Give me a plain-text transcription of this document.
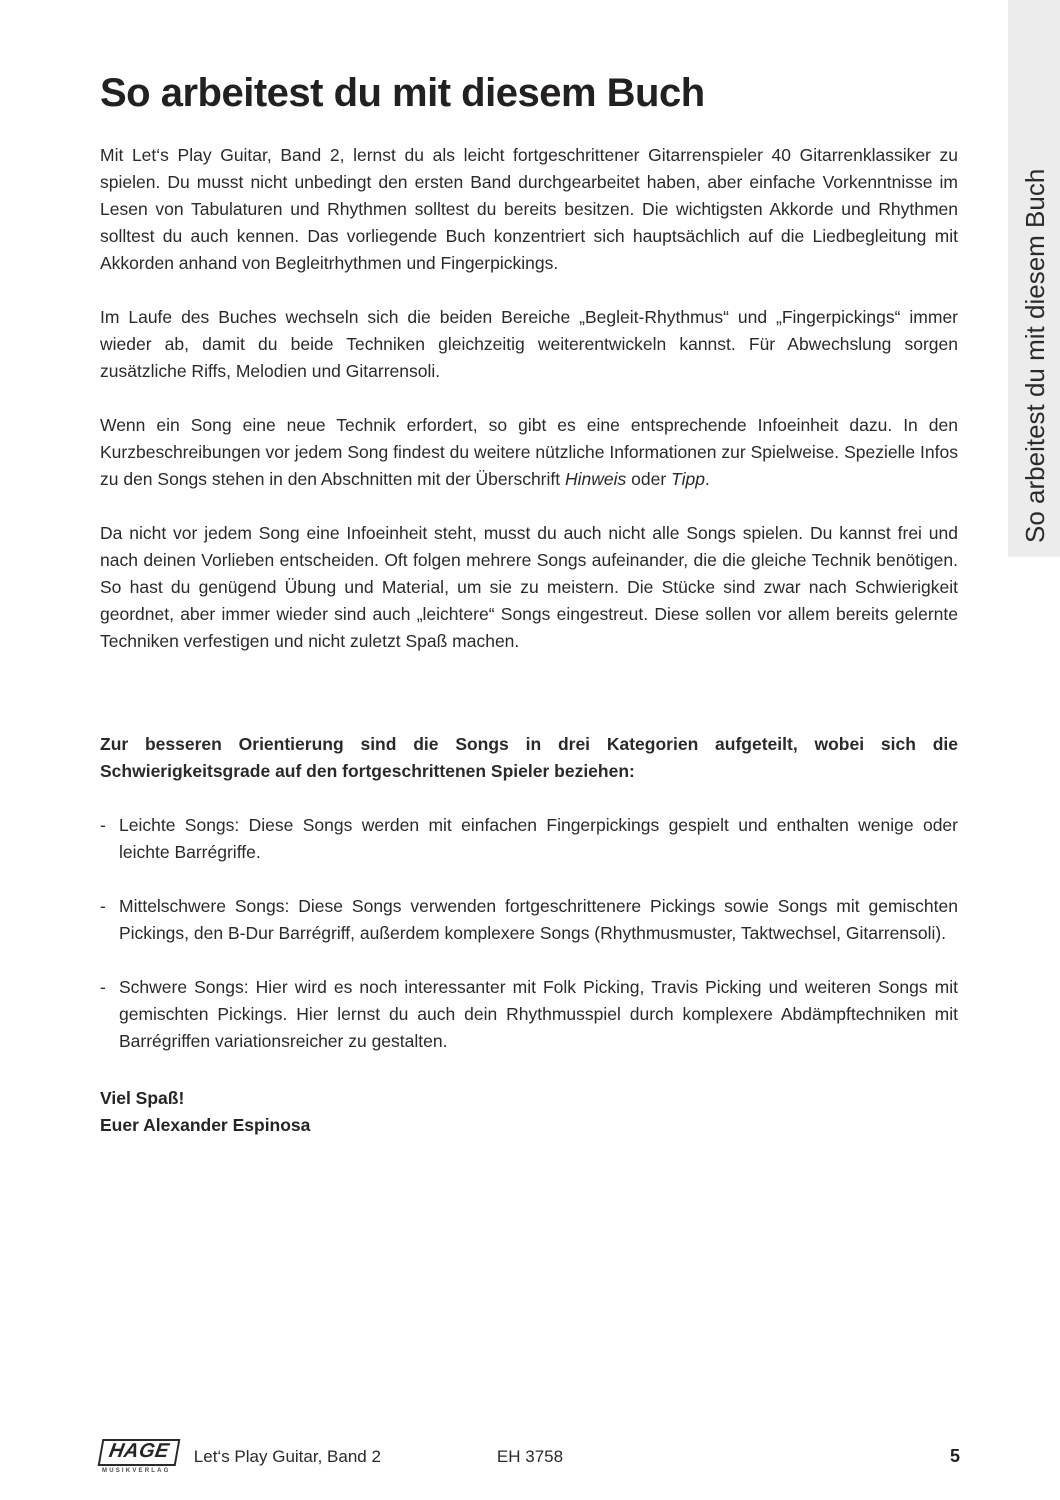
So arbeitest du mit diesem Buch
So arbeitest du mit diesem Buch

Mit Let‘s Play Guitar, Band 2, lernst du als leicht fortgeschrittener Gitarrenspieler 40 Gitarrenklassiker zu spielen. Du musst nicht unbedingt den ersten Band durchgearbeitet haben, aber einfache Vorkenntnisse im Lesen von Tabulaturen und Rhythmen solltest du bereits besitzen. Die wichtigsten Akkorde und Rhythmen solltest du auch kennen. Das vorliegende Buch konzentriert sich hauptsächlich auf die Liedbegleitung mit Akkorden anhand von Begleitrhythmen und Fingerpickings.

Im Laufe des Buches wechseln sich die beiden Bereiche „Begleit-Rhythmus“ und „Fingerpickings“ immer wieder ab, damit du beide Techniken gleichzeitig weiterentwickeln kannst. Für Abwechslung sorgen zusätzliche Riffs, Melodien und Gitarrensoli.

Wenn ein Song eine neue Technik erfordert, so gibt es eine entsprechende Infoeinheit dazu. In den Kurzbeschreibungen vor jedem Song findest du weitere nützliche Informationen zur Spielweise. Spezielle Infos zu den Songs stehen in den Abschnitten mit der Überschrift Hinweis oder Tipp.

Da nicht vor jedem Song eine Infoeinheit steht, musst du auch nicht alle Songs spielen. Du kannst frei und nach deinen Vorlieben entscheiden. Oft folgen mehrere Songs aufeinander, die die gleiche Technik benötigen. So hast du genügend Übung und Material, um sie zu meistern. Die Stücke sind zwar nach Schwierigkeit geordnet, aber immer wieder sind auch „leichtere“ Songs eingestreut. Diese sollen vor allem bereits gelernte Techniken verfestigen und nicht zuletzt Spaß machen.

Zur besseren Orientierung sind die Songs in drei Kategorien aufgeteilt, wobei sich die Schwierigkeitsgrade auf den fortgeschrittenen Spieler beziehen:

- Leichte Songs: Diese Songs werden mit einfachen Fingerpickings gespielt und enthalten wenige oder leichte Barrégriffe.
- Mittelschwere Songs: Diese Songs verwenden fortgeschrittenere Pickings sowie Songs mit gemischten Pickings, den B-Dur Barrégriff, außerdem komplexere Songs (Rhythmusmuster, Taktwechsel, Gitarrensoli).
- Schwere Songs: Hier wird es noch interessanter mit Folk Picking, Travis Picking und weiteren Songs mit gemischten Pickings. Hier lernst du auch dein Rhythmusspiel durch komplexere Abdämpftechniken mit Barrégriffen variationsreicher zu gestalten.
Viel Spaß!
Euer Alexander Espinosa
HAGE
MUSIKVERLAG
Let‘s Play Guitar, Band 2	EH 3758	5
